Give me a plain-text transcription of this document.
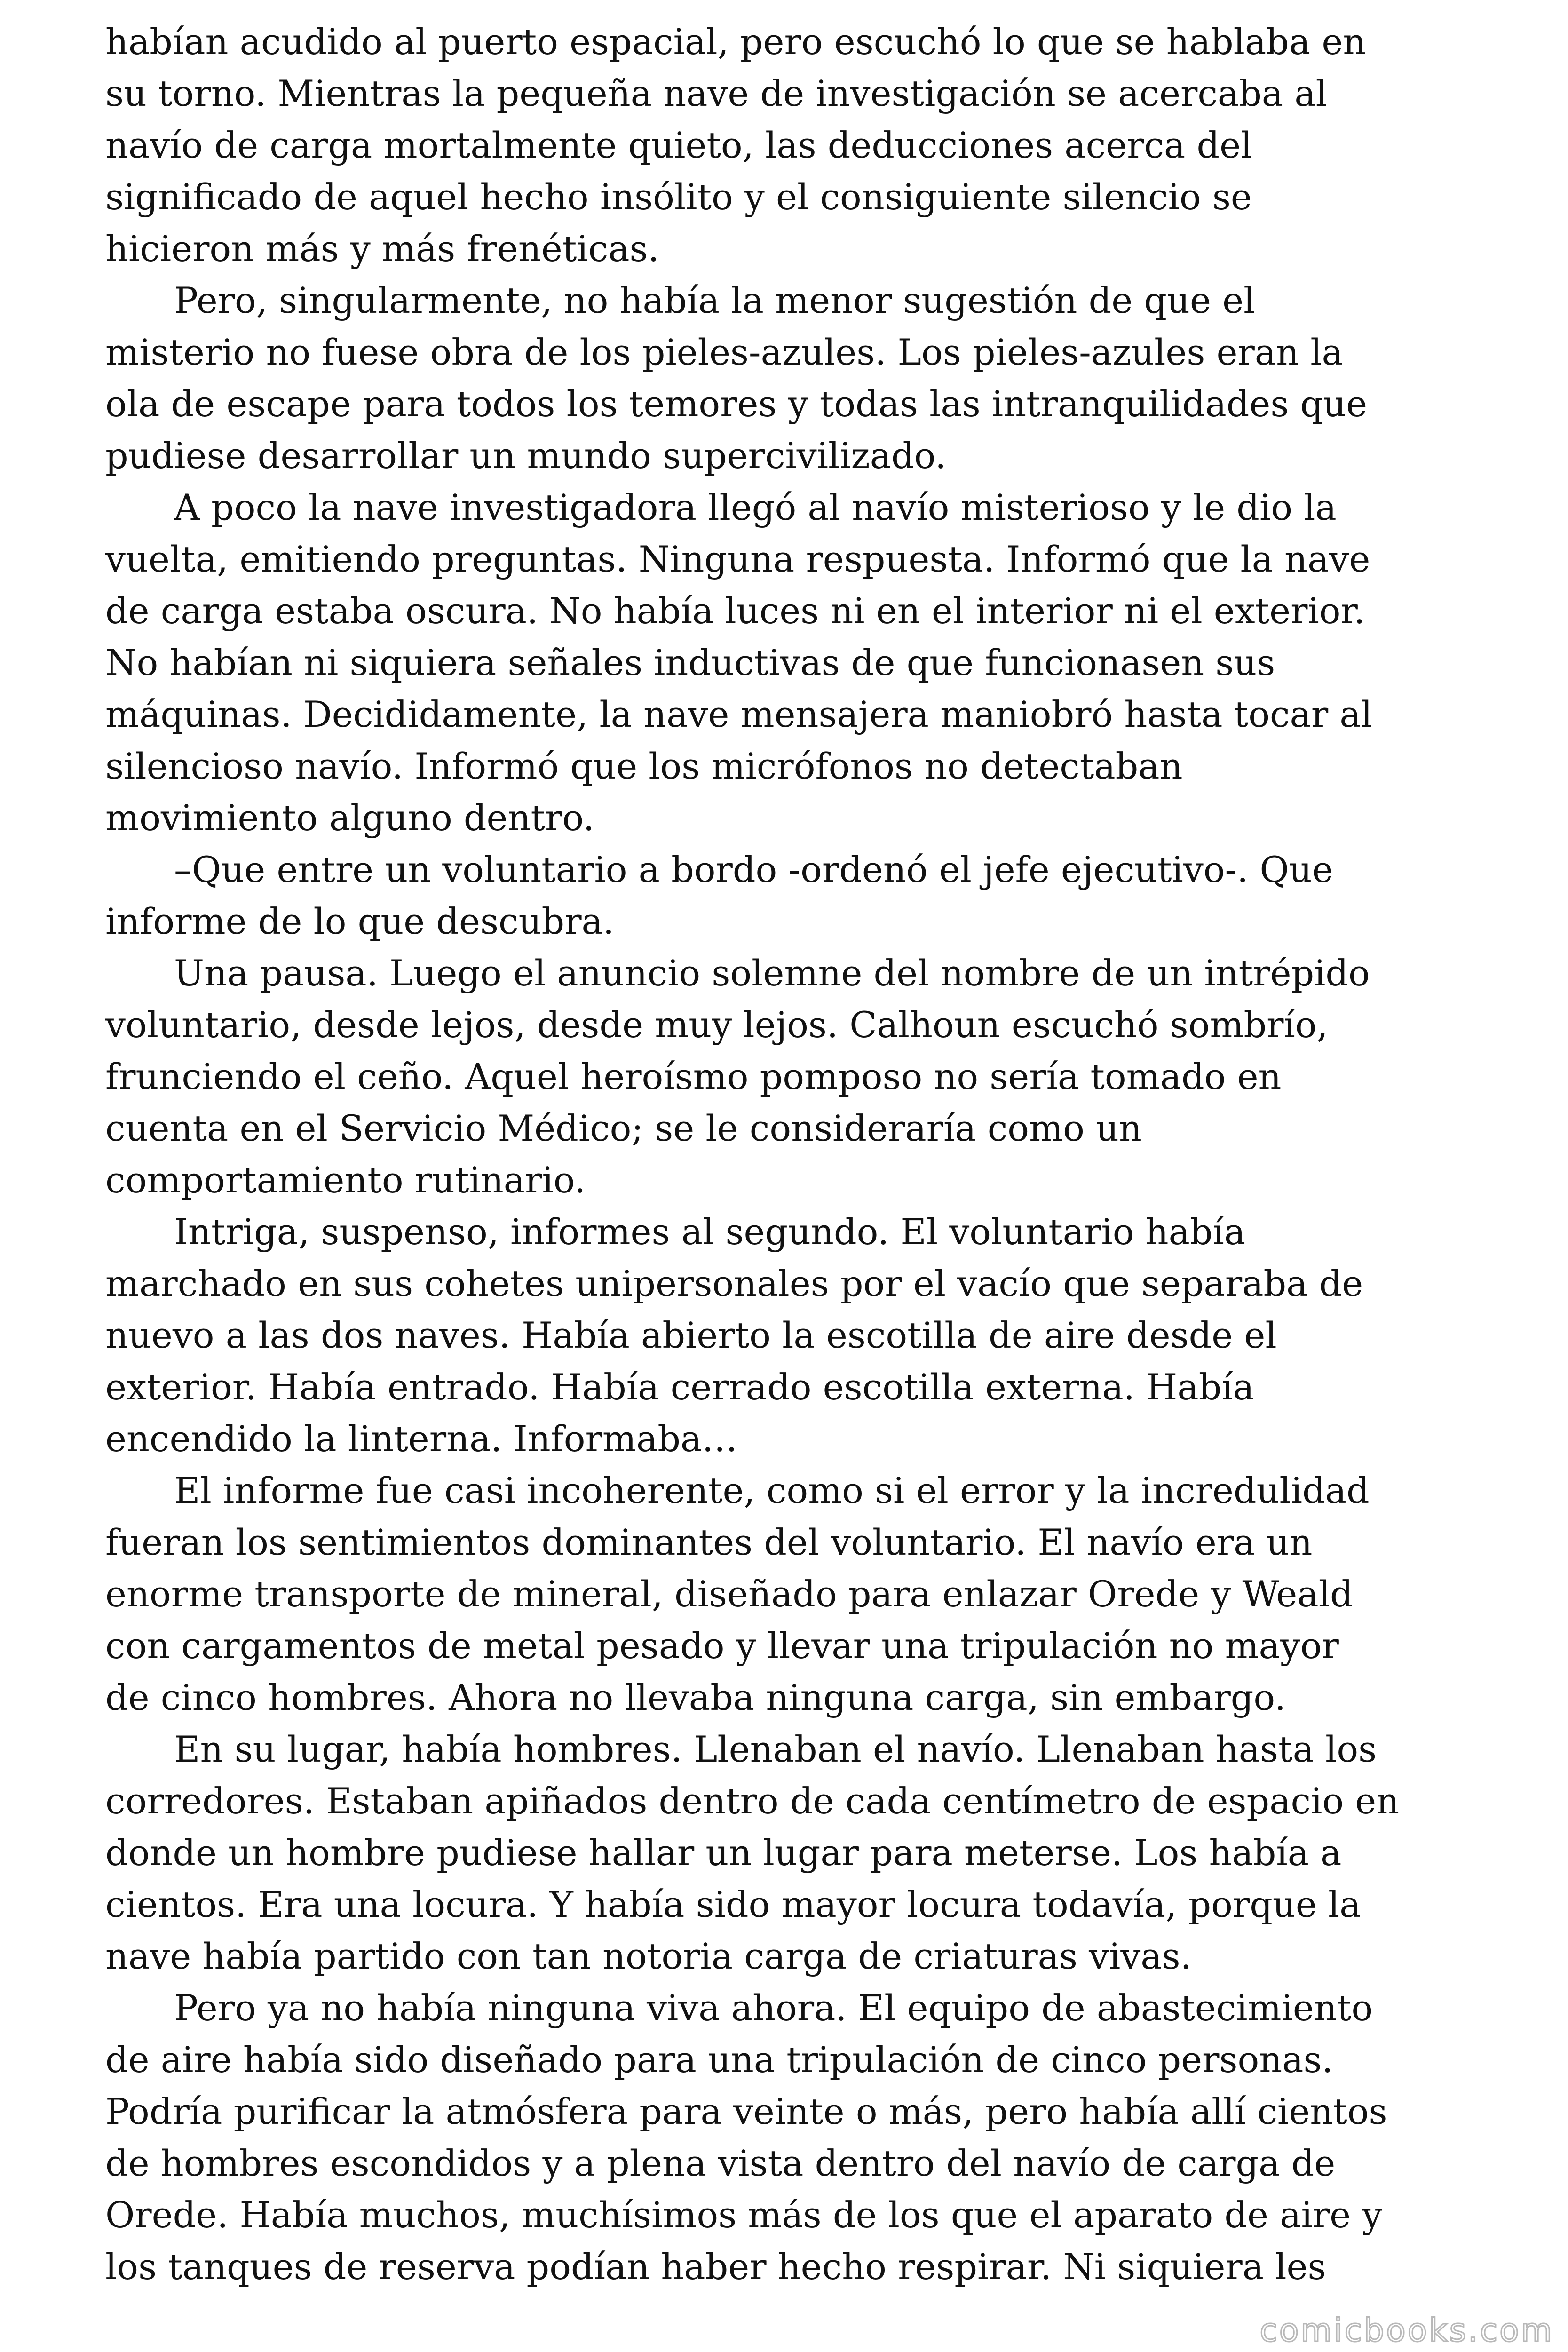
habían acudido al puerto espacial, pero escuchó lo que se hablaba en
su torno. Mientras la pequeña nave de investigación se acercaba al
navío de carga mortalmente quieto, las deducciones acerca del
significado de aquel hecho insólito y el consiguiente silencio se
hicieron más y más frenéticas.
Pero, singularmente, no había la menor sugestión de que el
misterio no fuese obra de los pieles-azules. Los pieles-azules eran la
ola de escape para todos los temores y todas las intranquilidades que
pudiese desarrollar un mundo supercivilizado.
A poco la nave investigadora llegó al navío misterioso y le dio la
vuelta, emitiendo preguntas. Ninguna respuesta. Informó que la nave
de carga estaba oscura. No había luces ni en el interior ni el exterior.
No habían ni siquiera señales inductivas de que funcionasen sus
máquinas. Decididamente, la nave mensajera maniobró hasta tocar al
silencioso navío. Informó que los micrófonos no detectaban
movimiento alguno dentro.
–Que entre un voluntario a bordo -ordenó el jefe ejecutivo-. Que
informe de lo que descubra.
Una pausa. Luego el anuncio solemne del nombre de un intrépido
voluntario, desde lejos, desde muy lejos. Calhoun escuchó sombrío,
frunciendo el ceño. Aquel heroísmo pomposo no sería tomado en
cuenta en el Servicio Médico; se le consideraría como un
comportamiento rutinario.
Intriga, suspenso, informes al segundo. El voluntario había
marchado en sus cohetes unipersonales por el vacío que separaba de
nuevo a las dos naves. Había abierto la escotilla de aire desde el
exterior. Había entrado. Había cerrado escotilla externa. Había
encendido la linterna. Informaba…
El informe fue casi incoherente, como si el error y la incredulidad
fueran los sentimientos dominantes del voluntario. El navío era un
enorme transporte de mineral, diseñado para enlazar Orede y Weald
con cargamentos de metal pesado y llevar una tripulación no mayor
de cinco hombres. Ahora no llevaba ninguna carga, sin embargo.
En su lugar, había hombres. Llenaban el navío. Llenaban hasta los
corredores. Estaban apiñados dentro de cada centímetro de espacio en
donde un hombre pudiese hallar un lugar para meterse. Los había a
cientos. Era una locura. Y había sido mayor locura todavía, porque la
nave había partido con tan notoria carga de criaturas vivas.
Pero ya no había ninguna viva ahora. El equipo de abastecimiento
de aire había sido diseñado para una tripulación de cinco personas.
Podría purificar la atmósfera para veinte o más, pero había allí cientos
de hombres escondidos y a plena vista dentro del navío de carga de
Orede. Había muchos, muchísimos más de los que el aparato de aire y
los tanques de reserva podían haber hecho respirar. Ni siquiera les
comicbooks.com
